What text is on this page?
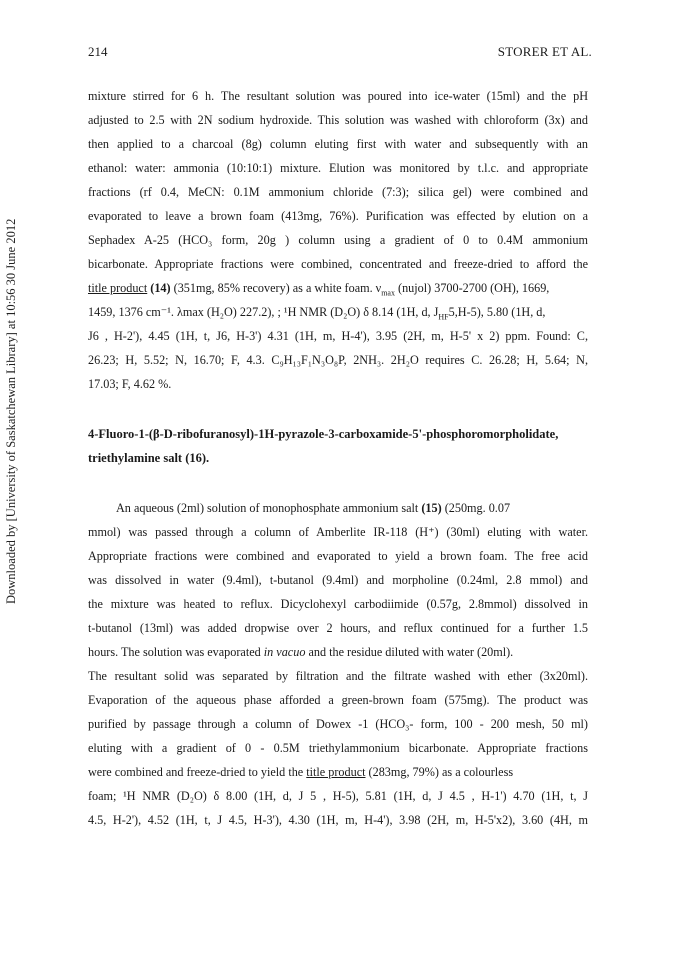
214	STORER ET AL.
Downloaded by [University of Saskatchewan Library] at 10:56 30 June 2012
mixture stirred for 6 h. The resultant solution was poured into ice-water (15ml) and the pH
adjusted to 2.5 with 2N sodium hydroxide. This solution was washed with chloroform (3x) and
then applied to a charcoal (8g) column eluting first with water and subsequently with an
ethanol: water: ammonia (10:10:1) mixture. Elution was monitored by t.l.c. and appropriate
fractions (rf 0.4, MeCN: 0.1M ammonium chloride (7:3); silica gel) were combined and
evaporated to leave a brown foam (413mg, 76%). Purification was effected by elution on a
Sephadex A-25 (HCO₃ form, 20g ) column using a gradient of 0 to 0.4M ammonium
bicarbonate. Appropriate fractions were combined, concentrated and freeze-dried to afford the
title product (14) (351mg, 85% recovery) as a white foam. $\nu_{max}$ (nujol) 3700-2700 (OH), 1669,
1459, 1376 cm⁻¹. λmax (H₂O) 227.2), ; ¹H NMR (D₂O) δ 8.14 (1H, d, $J_{HF}5,H-5$), 5.80 (1H, d,
J6 , H-2'), 4.45 (1H, t, J6, H-3') 4.31 (1H, m, H-4'), 3.95 (2H, m, H-5' x 2) ppm. Found: C,
26.23; H, 5.52; N, 16.70; F, 4.3. C₉H₁₃F₁N₃O₈P, 2NH₃. 2H₂O requires C. 26.28; H, 5.64; N,
17.03; F, 4.62 %.
4-Fluoro-1-(β-D-ribofuranosyl)-1H-pyrazole-3-carboxamide-5'-phosphoromorpholidate,
triethylamine salt (16).
An aqueous (2ml) solution of monophosphate ammonium salt (15) (250mg. 0.07
mmol) was passed through a column of Amberlite IR-118 (H⁺) (30ml) eluting with water.
Appropriate fractions were combined and evaporated to yield a brown foam. The free acid
was dissolved in water (9.4ml), t-butanol (9.4ml) and morpholine (0.24ml, 2.8 mmol) and
the mixture was heated to reflux. Dicyclohexyl carbodiimide (0.57g, 2.8mmol) dissolved in
t-butanol (13ml) was added dropwise over 2 hours, and reflux continued for a further 1.5
hours. The solution was evaporated in vacuo and the residue diluted with water (20ml).
The resultant solid was separated by filtration and the filtrate washed with ether (3x20ml).
Evaporation of the aqueous phase afforded a green-brown foam (575mg). The product was
purified by passage through a column of Dowex -1 (HCO₃- form, 100 - 200 mesh, 50 ml)
eluting with a gradient of 0 - 0.5M triethylammonium bicarbonate. Appropriate fractions
were combined and freeze-dried to yield the title product (283mg, 79%) as a colourless
foam; ¹H NMR (D₂O) δ 8.00 (1H, d, J 5 , H-5), 5.81 (1H, d, J 4.5 , H-1') 4.70 (1H, t, J
4.5, H-2'), 4.52 (1H, t, J 4.5, H-3'), 4.30 (1H, m, H-4'), 3.98 (2H, m, H-5'x2), 3.60 (4H, m
